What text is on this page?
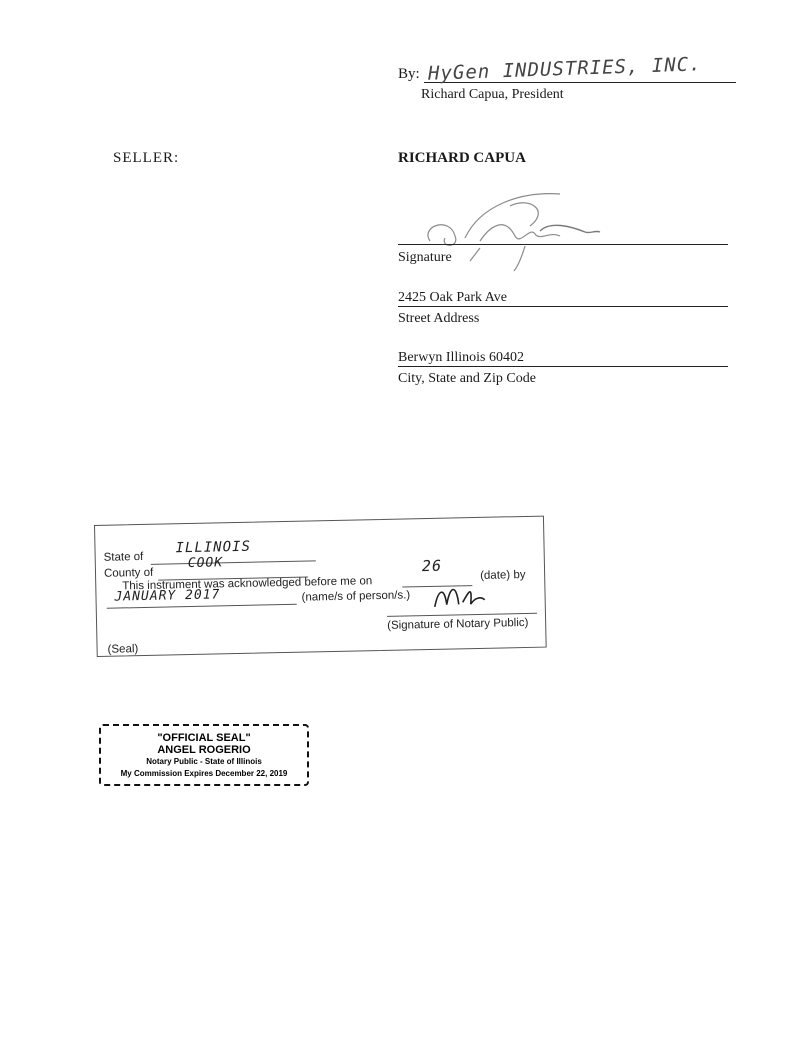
By: HyGen INDUSTRIES, INC.
Richard Capua, President
SELLER:	RICHARD CAPUA
Signature
2425 Oak Park Ave
Street Address
Berwyn Illinois 60402
City, State and Zip Code
State of
ILLINOIS
County of
COOK
This instrument was acknowledged before me on
26
(date) by
JANUARY 2017	(name/s of person/s.)
(Signature of Notary Public)
(Seal)
"OFFICIAL SEAL"
ANGEL ROGERIO
Notary Public - State of Illinois
My Commission Expires December 22, 2019
